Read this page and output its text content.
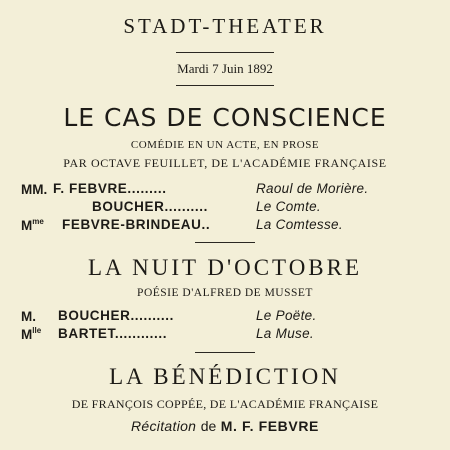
STADT-THEATER
Mardi 7 Juin 1892
LE CAS DE CONSCIENCE
COMÉDIE EN UN ACTE, EN PROSE
PAR OCTAVE FEUILLET, DE L'ACADÉMIE FRANÇAISE
MM. F. FEBVRE.........	Raoul de Morière.
BOUCHER..........	Le Comte.
$M^{me}$ FEBVRE-BRINDEAU..	La Comtesse.
LA NUIT D'OCTOBRE
POÉSIE D'ALFRED DE MUSSET
M. BOUCHER..........	Le Poëte.
$M^{lle}$ BARTET............	La Muse.
LA BÉNÉDICTION
DE FRANÇOIS COPPÉE, DE L'ACADÉMIE FRANÇAISE
Récitation de M. F. FEBVRE
